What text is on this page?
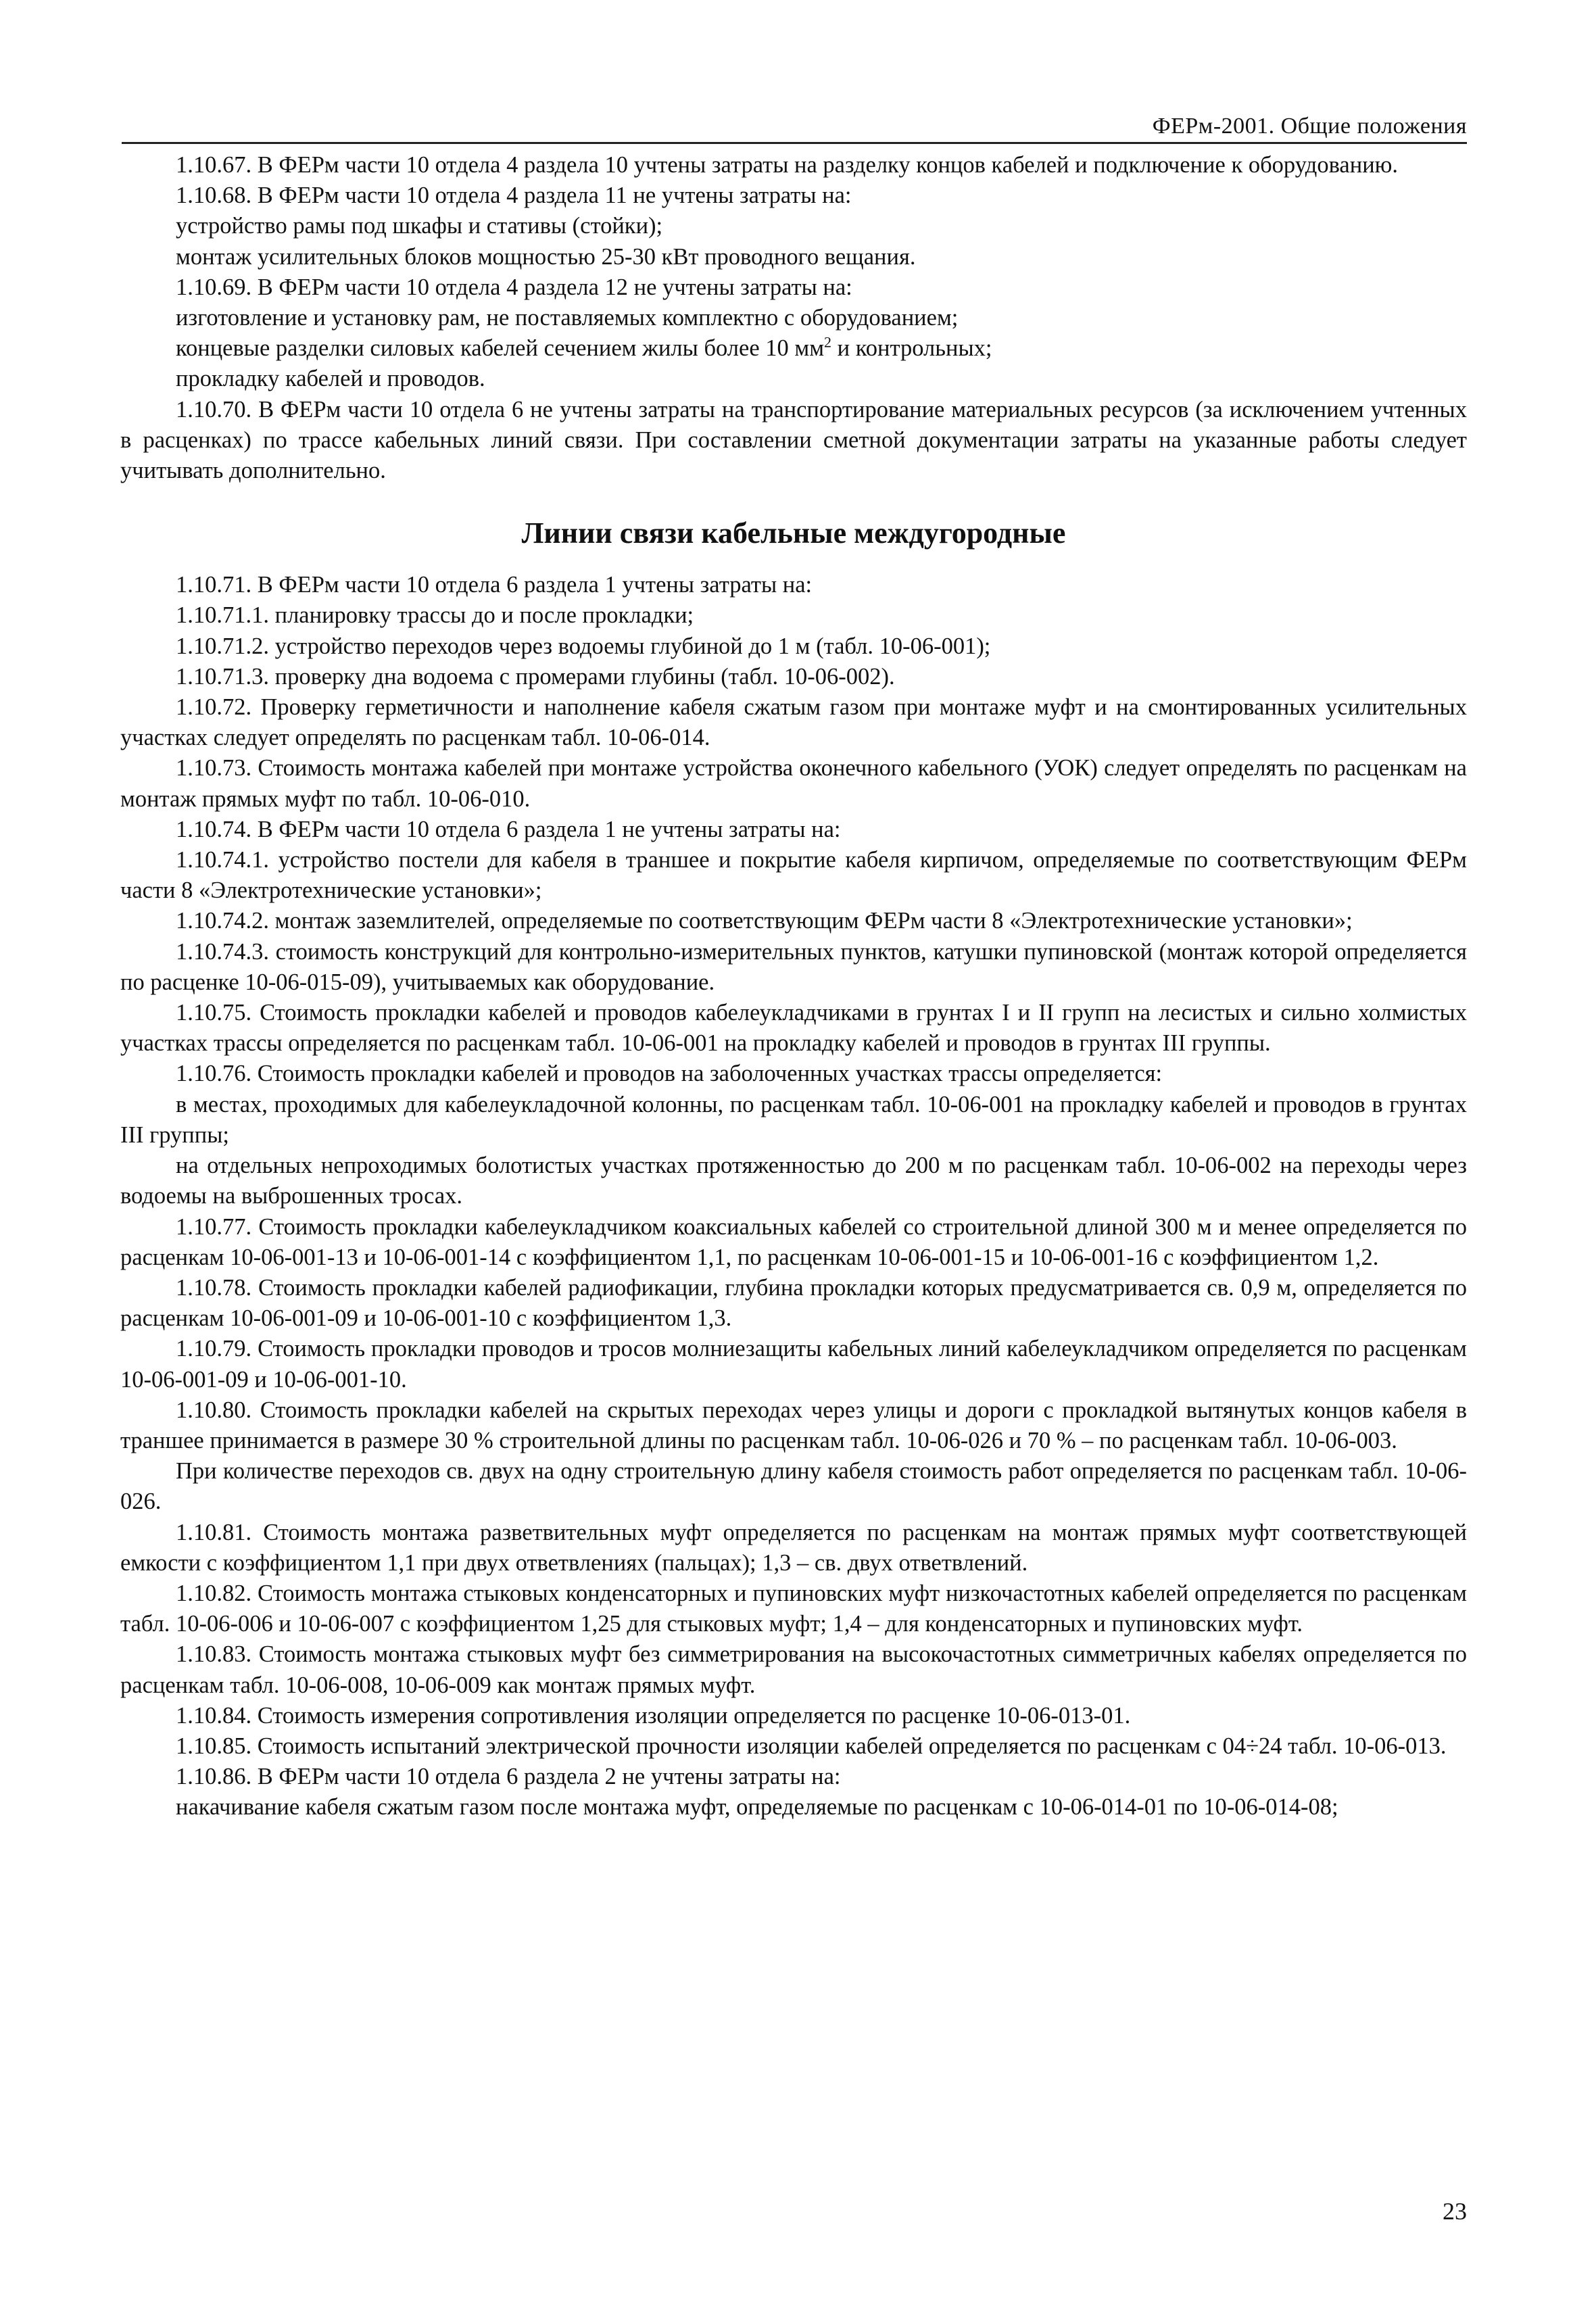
ФЕРм-2001. Общие положения

1.10.67. В ФЕРм части 10 отдела 4 раздела 10 учтены затраты на разделку концов кабелей и подключение к оборудованию.

1.10.68. В ФЕРм части 10 отдела 4 раздела 11 не учтены затраты на:

устройство рамы под шкафы и стативы (стойки);

монтаж усилительных блоков мощностью 25-30 кВт проводного вещания.

1.10.69. В ФЕРм части 10 отдела 4 раздела 12 не учтены затраты на:

изготовление и установку рам, не поставляемых комплектно с оборудованием;

концевые разделки силовых кабелей сечением жилы более 10 $мм^2$ и контрольных;

прокладку кабелей и проводов.

1.10.70. В ФЕРм части 10 отдела 6 не учтены затраты на транспортирование материальных ресурсов (за исключением учтенных в расценках) по трассе кабельных линий связи. При составлении сметной документации затраты на указанные работы следует учитывать дополнительно.

Линии связи кабельные междугородные

1.10.71. В ФЕРм части 10 отдела 6 раздела 1 учтены затраты на:

1.10.71.1. планировку трассы до и после прокладки;

1.10.71.2. устройство переходов через водоемы глубиной до 1 м (табл. 10-06-001);

1.10.71.3. проверку дна водоема с промерами глубины (табл. 10-06-002).

1.10.72. Проверку герметичности и наполнение кабеля сжатым газом при монтаже муфт и на смонтированных усилительных участках следует определять по расценкам табл. 10-06-014.

1.10.73. Стоимость монтажа кабелей при монтаже устройства оконечного кабельного (УОК) следует определять по расценкам на монтаж прямых муфт по табл. 10-06-010.

1.10.74. В ФЕРм части 10 отдела 6 раздела 1 не учтены затраты на:

1.10.74.1. устройство постели для кабеля в траншее и покрытие кабеля кирпичом, определяемые по соответствующим ФЕРм части 8 «Электротехнические установки»;

1.10.74.2. монтаж заземлителей, определяемые по соответствующим ФЕРм части 8 «Электротехнические установки»;

1.10.74.3. стоимость конструкций для контрольно-измерительных пунктов, катушки пупиновской (монтаж которой определяется по расценке 10-06-015-09), учитываемых как оборудование.

1.10.75. Стоимость прокладки кабелей и проводов кабелеукладчиками в грунтах I и II групп на лесистых и сильно холмистых участках трассы определяется по расценкам табл. 10-06-001 на прокладку кабелей и проводов в грунтах III группы.

1.10.76. Стоимость прокладки кабелей и проводов на заболоченных участках трассы определяется:

в местах, проходимых для кабелеукладочной колонны, по расценкам табл. 10-06-001 на прокладку кабелей и проводов в грунтах III группы;

на отдельных непроходимых болотистых участках протяженностью до 200 м по расценкам табл. 10-06-002 на переходы через водоемы на выброшенных тросах.

1.10.77. Стоимость прокладки кабелеукладчиком коаксиальных кабелей со строительной длиной 300 м и менее определяется по расценкам 10-06-001-13 и 10-06-001-14 с коэффициентом 1,1, по расценкам 10-06-001-15 и 10-06-001-16 с коэффициентом 1,2.

1.10.78. Стоимость прокладки кабелей радиофикации, глубина прокладки которых предусматривается св. 0,9 м, определяется по расценкам 10-06-001-09 и 10-06-001-10 с коэффициентом 1,3.

1.10.79. Стоимость прокладки проводов и тросов молниезащиты кабельных линий кабелеукладчиком определяется по расценкам 10-06-001-09 и 10-06-001-10.

1.10.80. Стоимость прокладки кабелей на скрытых переходах через улицы и дороги с прокладкой вытянутых концов кабеля в траншее принимается в размере 30 % строительной длины по расценкам табл. 10-06-026 и 70 % – по расценкам табл. 10-06-003.

При количестве переходов св. двух на одну строительную длину кабеля стоимость работ определяется по расценкам табл. 10-06-026.

1.10.81. Стоимость монтажа разветвительных муфт определяется по расценкам на монтаж прямых муфт соответствующей емкости с коэффициентом 1,1 при двух ответвлениях (пальцах); 1,3 – св. двух ответвлений.

1.10.82. Стоимость монтажа стыковых конденсаторных и пупиновских муфт низкочастотных кабелей определяется по расценкам табл. 10-06-006 и 10-06-007 с коэффициентом 1,25 для стыковых муфт; 1,4 – для конденсаторных и пупиновских муфт.

1.10.83. Стоимость монтажа стыковых муфт без симметрирования на высокочастотных симметричных кабелях определяется по расценкам табл. 10-06-008, 10-06-009 как монтаж прямых муфт.

1.10.84. Стоимость измерения сопротивления изоляции определяется по расценке 10-06-013-01.

1.10.85. Стоимость испытаний электрической прочности изоляции кабелей определяется по расценкам с 04÷24 табл. 10-06-013.

1.10.86. В ФЕРм части 10 отдела 6 раздела 2 не учтены затраты на:

накачивание кабеля сжатым газом после монтажа муфт, определяемые по расценкам с 10-06-014-01 по 10-06-014-08;

23
